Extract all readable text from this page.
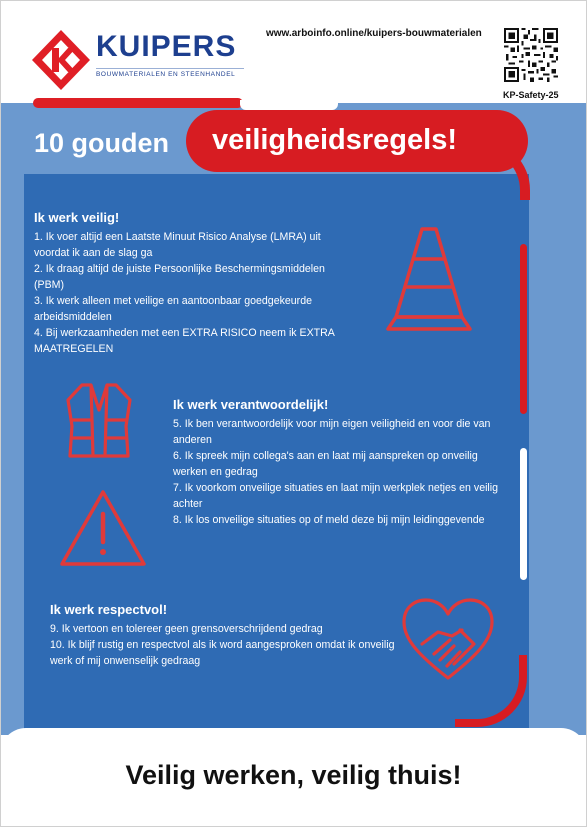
KUIPERS
BOUWMATERIALEN EN STEENHANDEL
www.arboinfo.online/kuipers-bouwmaterialen
KP-Safety-25
10 gouden veiligheidsregels!
Ik werk veilig!

1. Ik voer altijd een Laatste Minuut Risico Analyse (LMRA) uit voordat ik aan de slag ga

2. Ik draag altijd de juiste Persoonlijke Beschermingsmiddelen (PBM)

3. Ik werk alleen met veilige en aantoonbaar goedgekeurde arbeidsmiddelen

4. Bij werkzaamheden met een EXTRA RISICO neem ik EXTRA MAATREGELEN

Ik werk verantwoordelijk!

5. Ik ben verantwoordelijk voor mijn eigen veiligheid en voor die van anderen

6. Ik spreek mijn collega's aan en laat mij aanspreken op onveilig werken en gedrag

7. Ik voorkom onveilige situaties en laat mijn werkplek netjes en veilig achter

8. Ik los onveilige situaties op of meld deze bij mijn leidinggevende

Ik werk respectvol!

9. Ik vertoon en tolereer geen grensoverschrijdend gedrag

10. Ik blijf rustig en respectvol als ik word aangesproken omdat ik onveilig werk of mij onwenselijk gedraag

Veilig werken, veilig thuis!
